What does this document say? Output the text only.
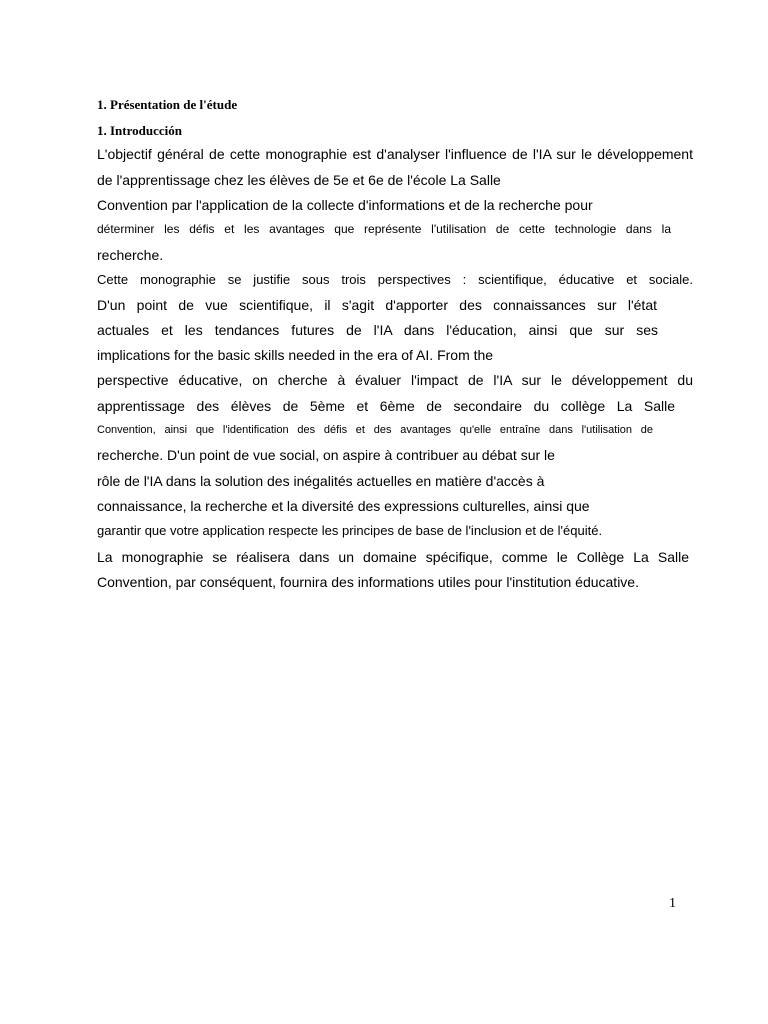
1. Présentation de l'étude
1. Introducción
L'objectif général de cette monographie est d'analyser l'influence de l'IA sur le développement
de l'apprentissage chez les élèves de 5e et 6e de l'école La Salle
Convention par l'application de la collecte d'informations et de la recherche pour
déterminer les défis et les avantages que représente l'utilisation de cette technologie dans la
recherche.
Cette monographie se justifie sous trois perspectives : scientifique, éducative et sociale.
D'un point de vue scientifique, il s'agit d'apporter des connaissances sur l'état
actuales et les tendances futures de l'IA dans l'éducation, ainsi que sur ses
implications for the basic skills needed in the era of AI. From the
perspective éducative, on cherche à évaluer l'impact de l'IA sur le développement du
apprentissage des élèves de 5ème et 6ème de secondaire du collège La Salle
Convention, ainsi que l'identification des défis et des avantages qu'elle entraîne dans l'utilisation de
recherche. D'un point de vue social, on aspire à contribuer au débat sur le
rôle de l'IA dans la solution des inégalités actuelles en matière d'accès à
connaissance, la recherche et la diversité des expressions culturelles, ainsi que
garantir que votre application respecte les principes de base de l'inclusion et de l'équité.
La monographie se réalisera dans un domaine spécifique, comme le Collège La Salle
Convention, par conséquent, fournira des informations utiles pour l'institution éducative.
1
